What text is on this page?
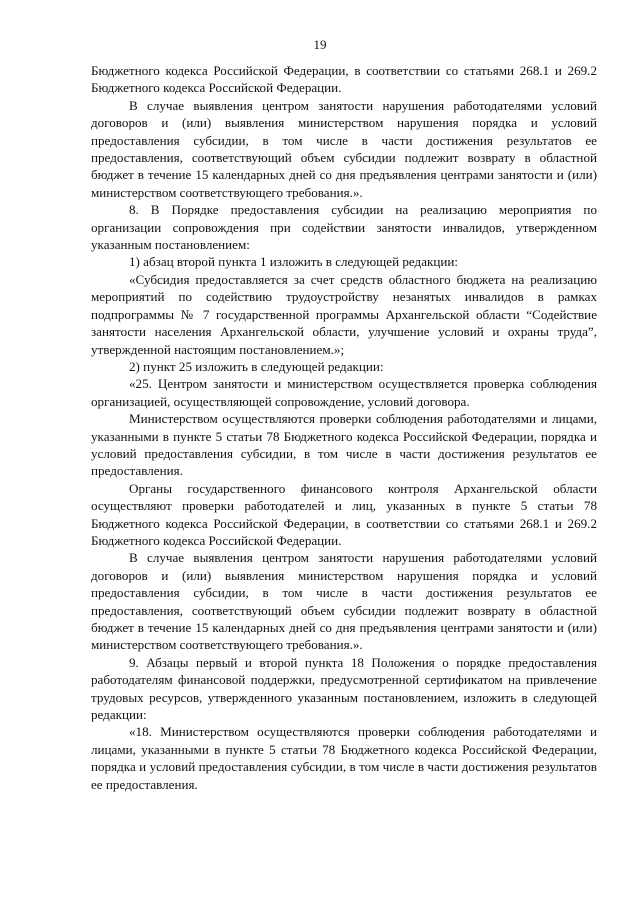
19

Бюджетного кодекса Российской Федерации, в соответствии со статьями 268.1 и 269.2 Бюджетного кодекса Российской Федерации.

В случае выявления центром занятости нарушения работодателями условий договоров и (или) выявления министерством нарушения порядка и условий предоставления субсидии, в том числе в части достижения результатов ее предоставления, соответствующий объем субсидии подлежит возврату в областной бюджет в течение 15 календарных дней со дня предъявления центрами занятости и (или) министерством соответствующего требования.».

8. В Порядке предоставления субсидии на реализацию мероприятия по организации сопровождения при содействии занятости инвалидов, утвержденном указанным постановлением:

1) абзац второй пункта 1 изложить в следующей редакции:

«Субсидия предоставляется за счет средств областного бюджета на реализацию мероприятий по содействию трудоустройству незанятых инвалидов в рамках подпрограммы № 7 государственной программы Архангельской области “Содействие занятости населения Архангельской области, улучшение условий и охраны труда”, утвержденной настоящим постановлением.»;

2) пункт 25 изложить в следующей редакции:

«25. Центром занятости и министерством осуществляется проверка соблюдения организацией, осуществляющей сопровождение, условий договора.

Министерством осуществляются проверки соблюдения работодателями и лицами, указанными в пункте 5 статьи 78 Бюджетного кодекса Российской Федерации, порядка и условий предоставления субсидии, в том числе в части достижения результатов ее предоставления.

Органы государственного финансового контроля Архангельской области осуществляют проверки работодателей и лиц, указанных в пункте 5 статьи 78 Бюджетного кодекса Российской Федерации, в соответствии со статьями 268.1 и 269.2 Бюджетного кодекса Российской Федерации.

В случае выявления центром занятости нарушения работодателями условий договоров и (или) выявления министерством нарушения порядка и условий предоставления субсидии, в том числе в части достижения результатов ее предоставления, соответствующий объем субсидии подлежит возврату в областной бюджет в течение 15 календарных дней со дня предъявления центрами занятости и (или) министерством соответствующего требования.».

9. Абзацы первый и второй пункта 18 Положения о порядке предоставления работодателям финансовой поддержки, предусмотренной сертификатом на привлечение трудовых ресурсов, утвержденного указанным постановлением, изложить в следующей редакции:

«18. Министерством осуществляются проверки соблюдения работодателями и лицами, указанными в пункте 5 статьи 78 Бюджетного кодекса Российской Федерации, порядка и условий предоставления субсидии, в том числе в части достижения результатов ее предоставления.
